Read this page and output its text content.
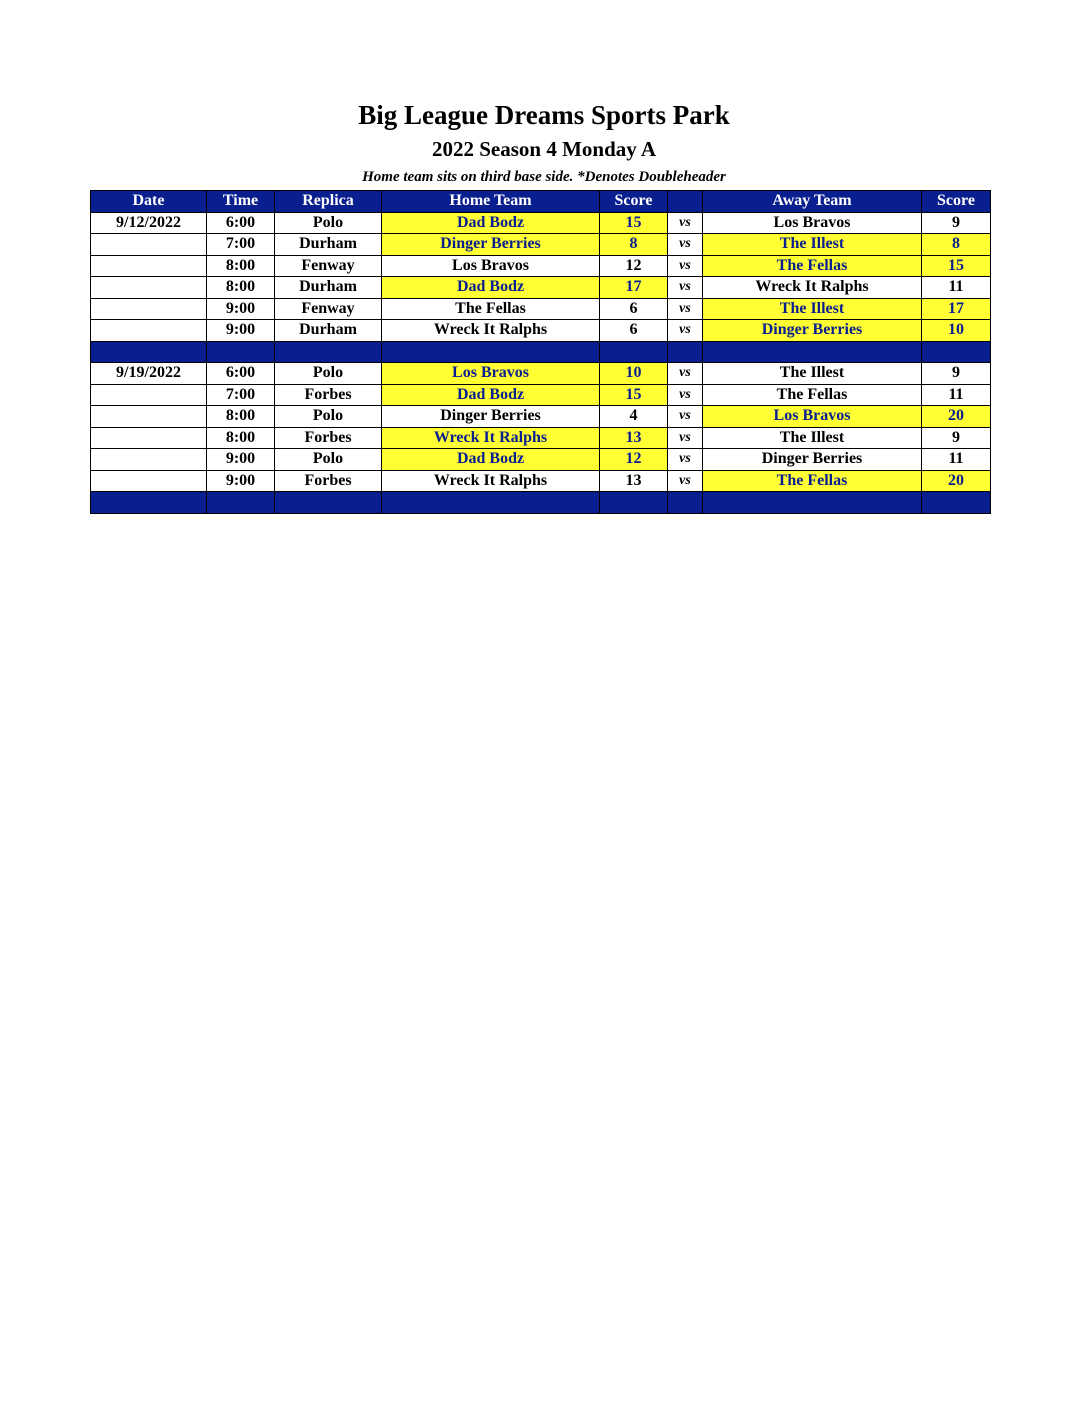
Big League Dreams Sports Park
2022 Season 4 Monday A
Home team sits on third base side. *Denotes Doubleheader
Date	Time	Replica	Home Team	Score		Away Team	Score
9/12/2022	6:00	Polo	Dad Bodz	15	vs	Los Bravos	9
	7:00	Durham	Dinger Berries	8	vs	The Illest	8
	8:00	Fenway	Los Bravos	12	vs	The Fellas	15
	8:00	Durham	Dad Bodz	17	vs	Wreck It Ralphs	11
	9:00	Fenway	The Fellas	6	vs	The Illest	17
	9:00	Durham	Wreck It Ralphs	6	vs	Dinger Berries	10

9/19/2022	6:00	Polo	Los Bravos	10	vs	The Illest	9
	7:00	Forbes	Dad Bodz	15	vs	The Fellas	11
	8:00	Polo	Dinger Berries	4	vs	Los Bravos	20
	8:00	Forbes	Wreck It Ralphs	13	vs	The Illest	9
	9:00	Polo	Dad Bodz	12	vs	Dinger Berries	11
	9:00	Forbes	Wreck It Ralphs	13	vs	The Fellas	20
